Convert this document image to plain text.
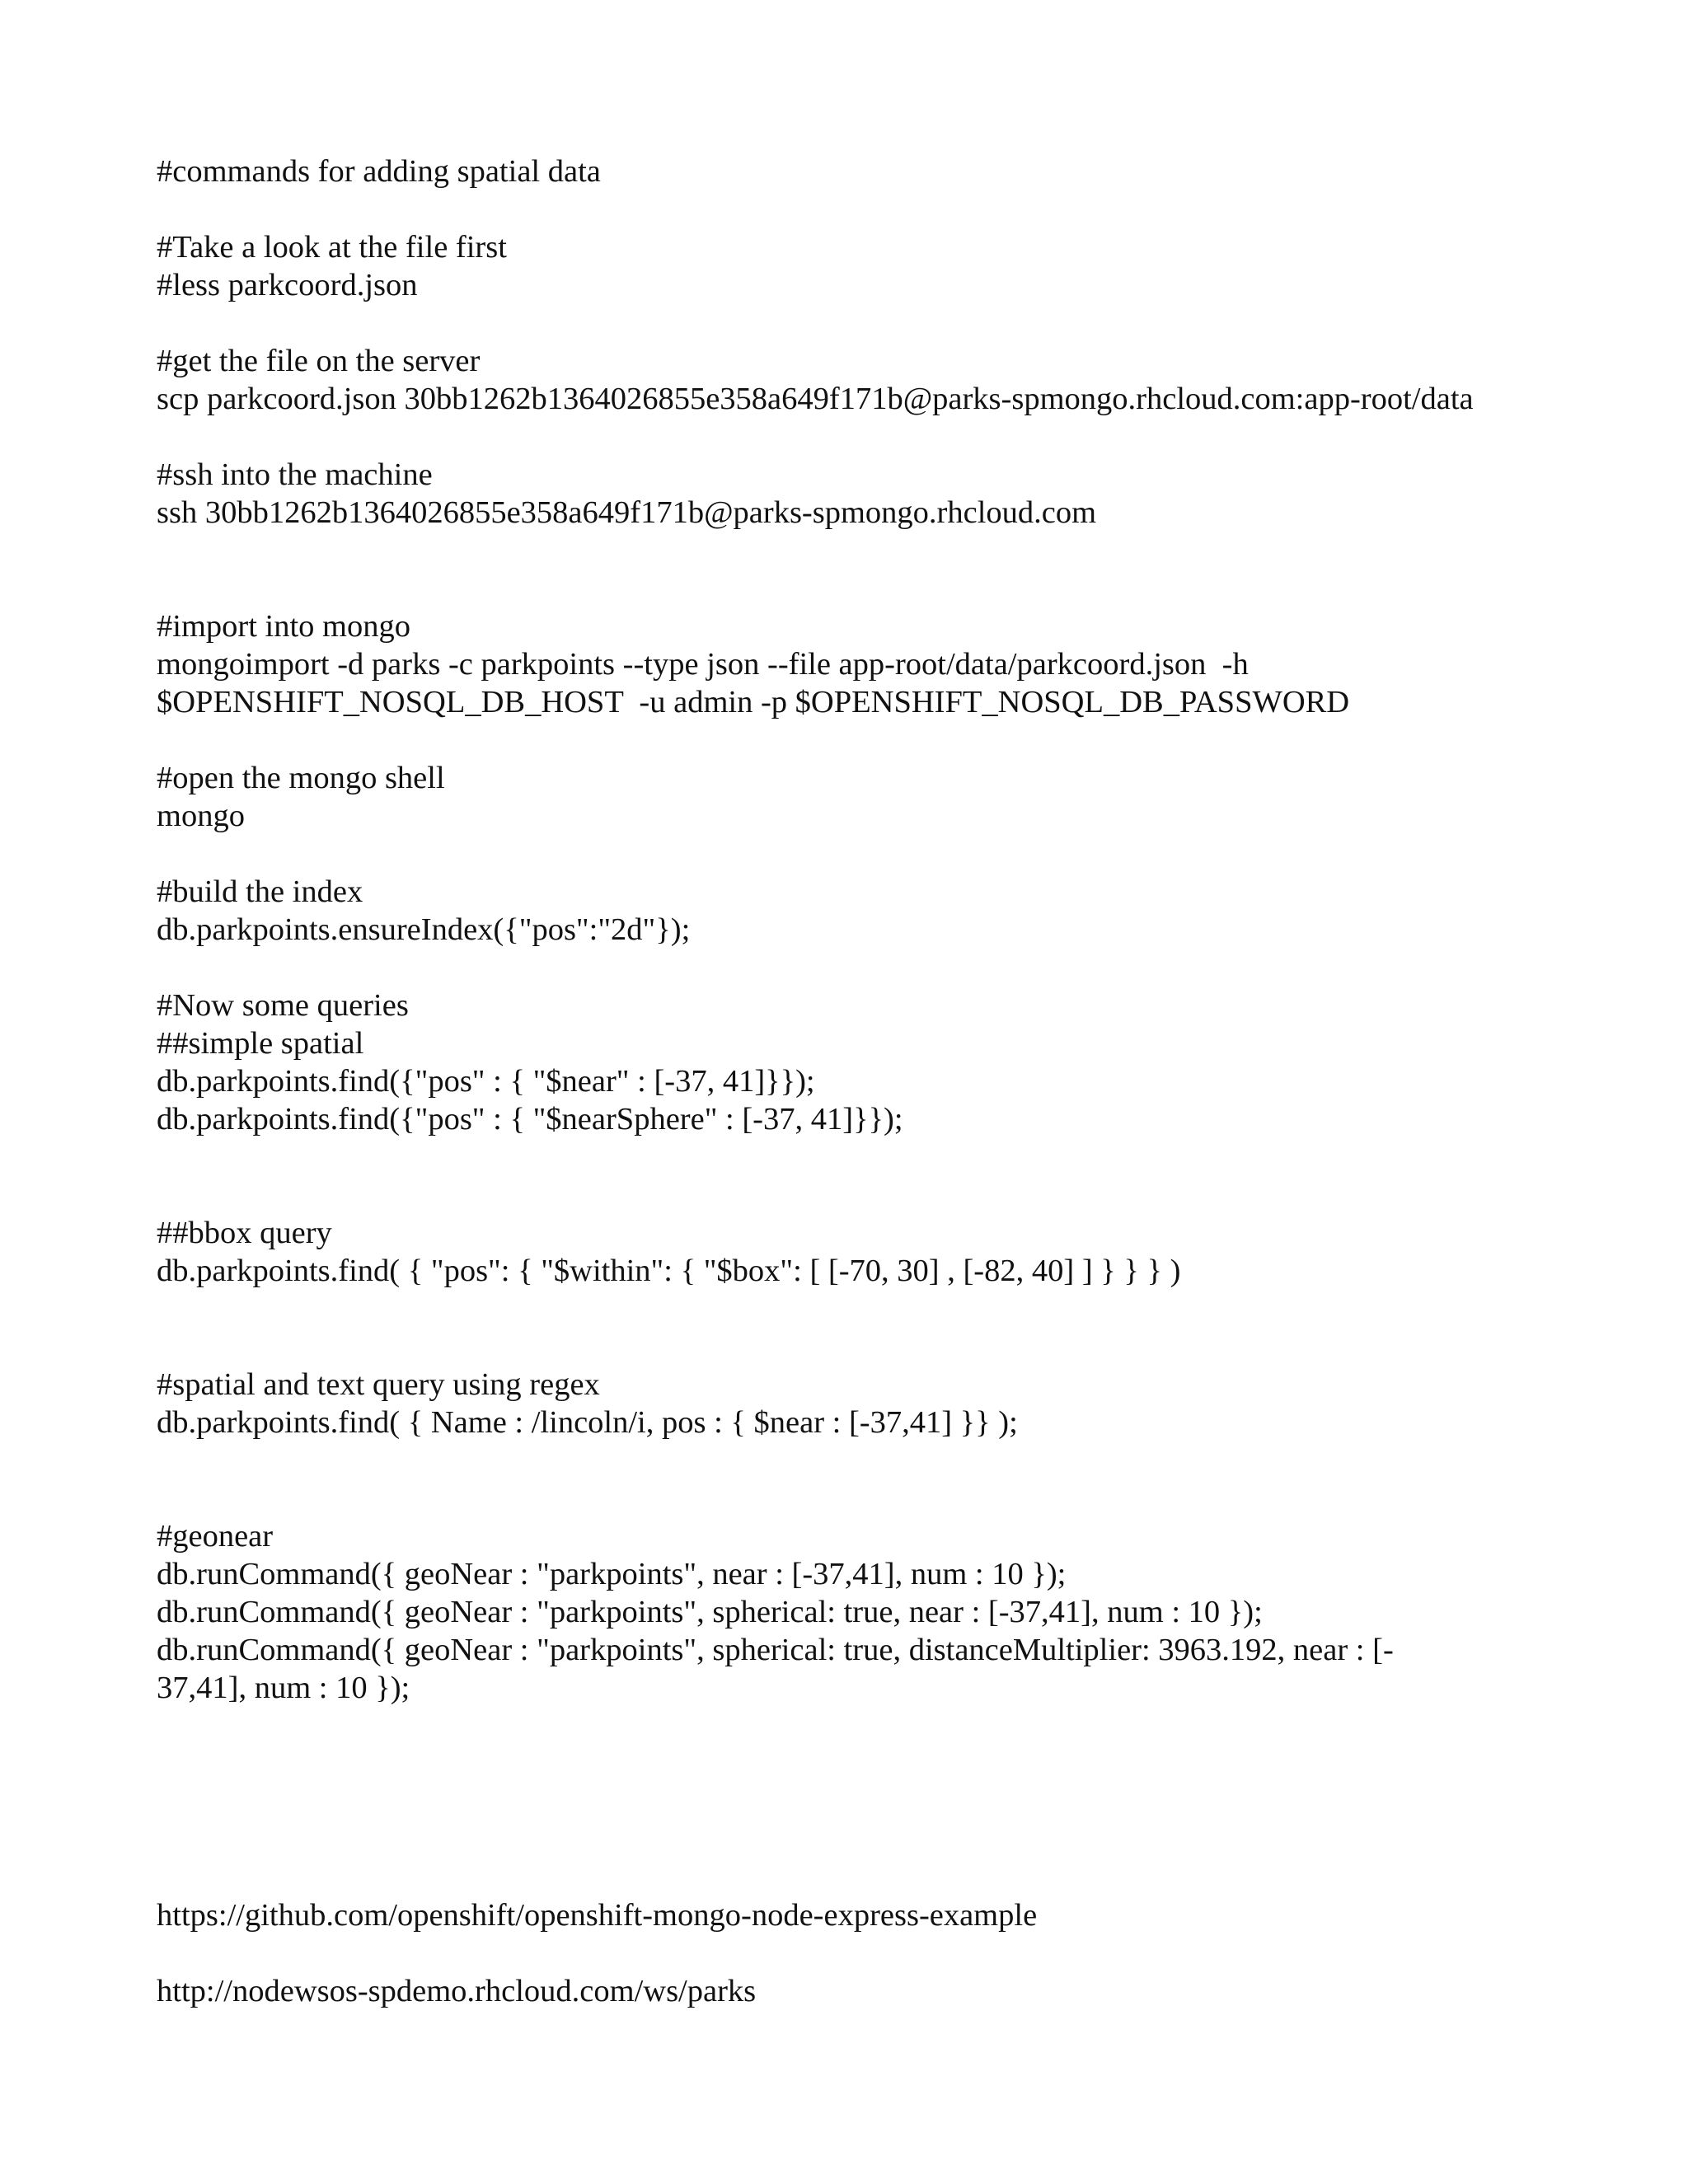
#commands for adding spatial data

#Take a look at the file first

#less parkcoord.json

#get the file on the server

scp parkcoord.json 30bb1262b1364026855e358a649f171b@parks-spmongo.rhcloud.com:app-root/data

#ssh into the machine

ssh 30bb1262b1364026855e358a649f171b@parks-spmongo.rhcloud.com

#import into mongo

mongoimport -d parks -c parkpoints --type json --file app-root/data/parkcoord.json  -h

$OPENSHIFT_NOSQL_DB_HOST  -u admin -p $OPENSHIFT_NOSQL_DB_PASSWORD

#open the mongo shell

mongo

#build the index

db.parkpoints.ensureIndex({"pos":"2d"});

#Now some queries

##simple spatial

db.parkpoints.find({"pos" : { "$near" : [-37, 41]}});

db.parkpoints.find({"pos" : { "$nearSphere" : [-37, 41]}});

##bbox query

db.parkpoints.find( { "pos": { "$within": { "$box": [ [-70, 30] , [-82, 40] ] } } } )

#spatial and text query using regex

db.parkpoints.find( { Name : /lincoln/i, pos : { $near : [-37,41] }} );

#geonear

db.runCommand({ geoNear : "parkpoints", near : [-37,41], num : 10 });

db.runCommand({ geoNear : "parkpoints", spherical: true, near : [-37,41], num : 10 });

db.runCommand({ geoNear : "parkpoints", spherical: true, distanceMultiplier: 3963.192, near : [-

37,41], num : 10 });

https://github.com/openshift/openshift-mongo-node-express-example

http://nodewsos-spdemo.rhcloud.com/ws/parks
